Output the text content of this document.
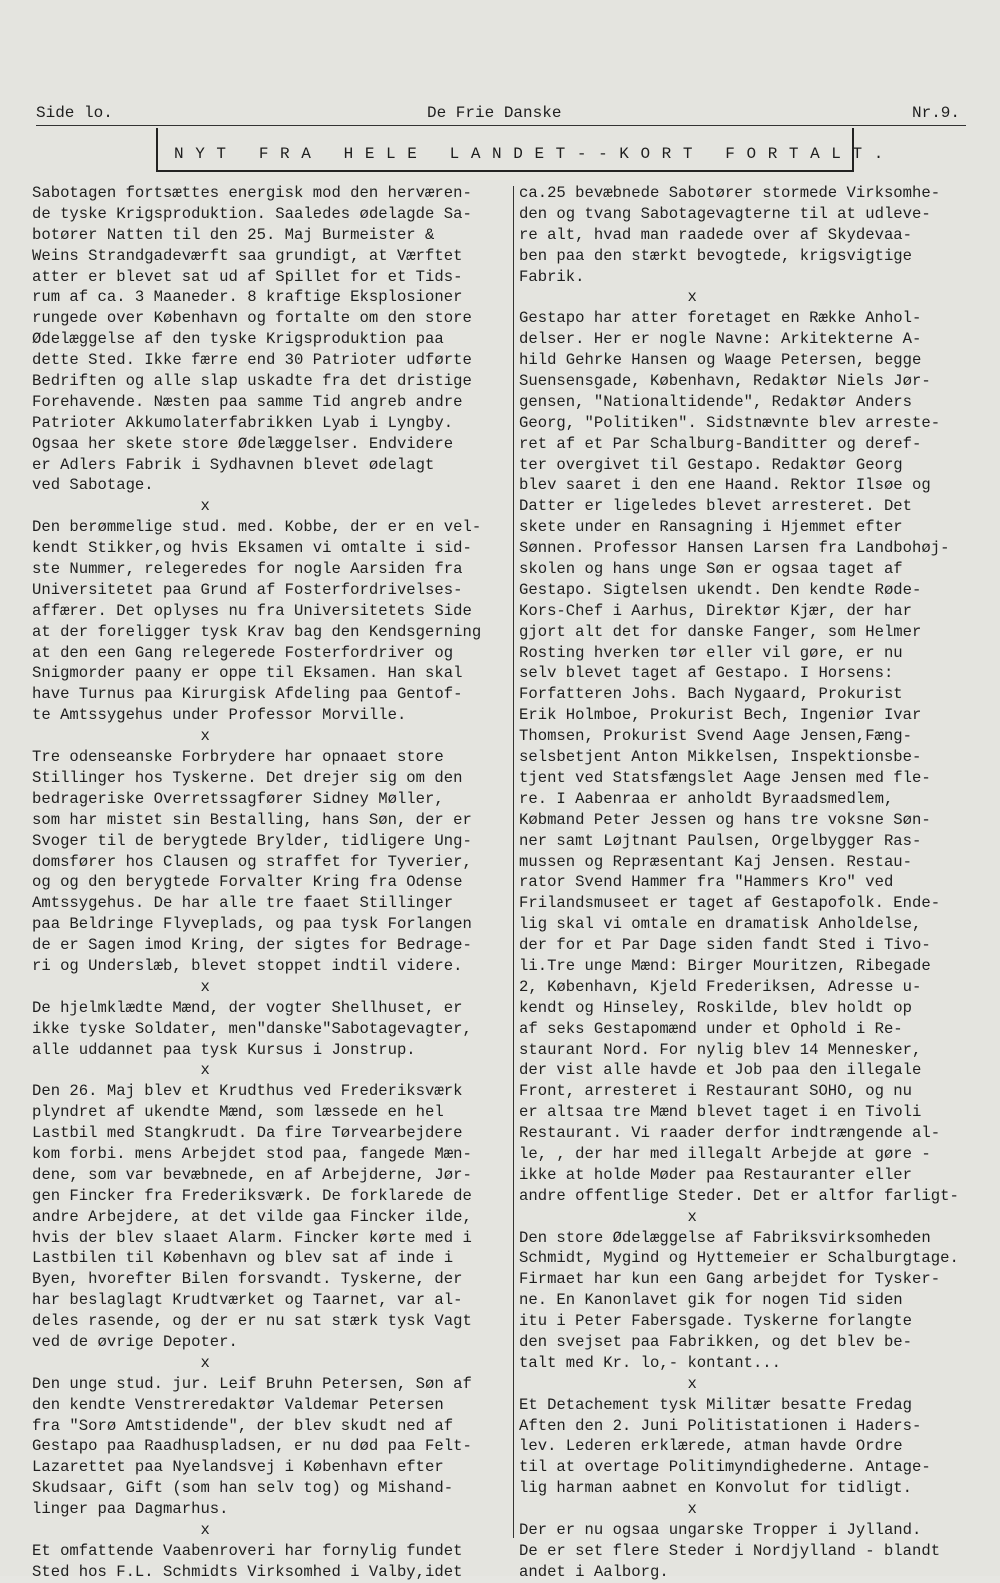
Side lo.	De Frie Danske	Nr.9.
N Y T   F R A   H E L E   L A N D E T - - K O R T   F O R T A L T .
Sabotagen fortsættes energisk mod den herværen-
de tyske Krigsproduktion. Saaledes ødelagde Sa-
botører Natten til den 25. Maj Burmeister &
Weins Strandgadeværft saa grundigt, at Værftet
atter er blevet sat ud af Spillet for et Tids-
rum af ca. 3 Maaneder. 8 kraftige Eksplosioner
rungede over København og fortalte om den store
Ødelæggelse af den tyske Krigsproduktion paa
dette Sted. Ikke færre end 30 Patrioter udførte
Bedriften og alle slap uskadte fra det dristige
Forehavende. Næsten paa samme Tid angreb andre
Patrioter Akkumolaterfabrikken Lyab i Lyngby.
Ogsaa her skete store Ødelæggelser. Endvidere
er Adlers Fabrik i Sydhavnen blevet ødelagt
ved Sabotage.
x
Den berømmelige stud. med. Kobbe, der er en vel-
kendt Stikker,og hvis Eksamen vi omtalte i sid-
ste Nummer, relegeredes for nogle Aarsiden fra
Universitetet paa Grund af Fosterfordrivelses-
affærer. Det oplyses nu fra Universitetets Side
at der foreligger tysk Krav bag den Kendsgerning
at den een Gang relegerede Fosterfordriver og
Snigmorder paany er oppe til Eksamen. Han skal
have Turnus paa Kirurgisk Afdeling paa Gentof-
te Amtssygehus under Professor Morville.
x
Tre odenseanske Forbrydere har opnaaet store
Stillinger hos Tyskerne. Det drejer sig om den
bedrageriske Overretssagfører Sidney Møller,
som har mistet sin Bestalling, hans Søn, der er
Svoger til de berygtede Brylder, tidligere Ung-
domsfører hos Clausen og straffet for Tyverier,
og og den berygtede Forvalter Kring fra Odense
Amtssygehus. De har alle tre faaet Stillinger
paa Beldringe Flyveplads, og paa tysk Forlangen
de er Sagen imod Kring, der sigtes for Bedrage-
ri og Underslæb, blevet stoppet indtil videre.
x
De hjelmklædte Mænd, der vogter Shellhuset, er
ikke tyske Soldater, men"danske"Sabotagevagter,
alle uddannet paa tysk Kursus i Jonstrup.
x
Den 26. Maj blev et Krudthus ved Frederiksværk
plyndret af ukendte Mænd, som læssede en hel
Lastbil med Stangkrudt. Da fire Tørvearbejdere
kom forbi. mens Arbejdet stod paa, fangede Mæn-
dene, som var bevæbnede, en af Arbejderne, Jør-
gen Fincker fra Frederiksværk. De forklarede de
andre Arbejdere, at det vilde gaa Fincker ilde,
hvis der blev slaaet Alarm. Fincker kørte med i
Lastbilen til København og blev sat af inde i
Byen, hvorefter Bilen forsvandt. Tyskerne, der
har beslaglagt Krudtværket og Taarnet, var al-
deles rasende, og der er nu sat stærk tysk Vagt
ved de øvrige Depoter.
x
Den unge stud. jur. Leif Bruhn Petersen, Søn af
den kendte Venstreredaktør Valdemar Petersen
fra "Sorø Amtstidende", der blev skudt ned af
Gestapo paa Raadhuspladsen, er nu død paa Felt-
Lazarettet paa Nyelandsvej i København efter
Skudsaar, Gift (som han selv tog) og Mishand-
linger paa Dagmarhus.
x
Et omfattende Vaabenroveri har fornylig fundet
Sted hos F.L. Schmidts Virksomhed i Valby,idet
ca.25 bevæbnede Sabotører stormede Virksomhe-
den og tvang Sabotagevagterne til at udleve-
re alt, hvad man raadede over af Skydevaa-
ben paa den stærkt bevogtede, krigsvigtige
Fabrik.
x
Gestapo har atter foretaget en Række Anhol-
delser. Her er nogle Navne: Arkitekterne A-
hild Gehrke Hansen og Waage Petersen, begge
Suensensgade, København, Redaktør Niels Jør-
gensen, "Nationaltidende", Redaktør Anders
Georg, "Politiken". Sidstnævnte blev arreste-
ret af et Par Schalburg-Banditter og deref-
ter overgivet til Gestapo. Redaktør Georg
blev saaret i den ene Haand. Rektor Ilsøe og
Datter er ligeledes blevet arresteret. Det
skete under en Ransagning i Hjemmet efter
Sønnen. Professor Hansen Larsen fra Landbohøj-
skolen og hans unge Søn er ogsaa taget af
Gestapo. Sigtelsen ukendt. Den kendte Røde-
Kors-Chef i Aarhus, Direktør Kjær, der har
gjort alt det for danske Fanger, som Helmer
Rosting hverken tør eller vil gøre, er nu
selv blevet taget af Gestapo. I Horsens:
Forfatteren Johs. Bach Nygaard, Prokurist
Erik Holmboe, Prokurist Bech, Ingeniør Ivar
Thomsen, Prokurist Svend Aage Jensen,Fæng-
selsbetjent Anton Mikkelsen, Inspektionsbe-
tjent ved Statsfængslet Aage Jensen med fle-
re. I Aabenraa er anholdt Byraadsmedlem,
Købmand Peter Jessen og hans tre voksne Søn-
ner samt Løjtnant Paulsen, Orgelbygger Ras-
mussen og Repræsentant Kaj Jensen. Restau-
rator Svend Hammer fra "Hammers Kro" ved
Frilandsmuseet er taget af Gestapofolk. Ende-
lig skal vi omtale en dramatisk Anholdelse,
der for et Par Dage siden fandt Sted i Tivo-
li.Tre unge Mænd: Birger Mouritzen, Ribegade
2, København, Kjeld Frederiksen, Adresse u-
kendt og Hinseley, Roskilde, blev holdt op
af seks Gestapomænd under et Ophold i Re-
staurant Nord. For nylig blev 14 Mennesker,
der vist alle havde et Job paa den illegale
Front, arresteret i Restaurant SOHO, og nu
er altsaa tre Mænd blevet taget i en Tivoli
Restaurant. Vi raader derfor indtrængende al-
le, , der har med illegalt Arbejde at gøre -
ikke at holde Møder paa Restauranter eller
andre offentlige Steder. Det er altfor farligt-
x
Den store Ødelæggelse af Fabriksvirksomheden
Schmidt, Mygind og Hyttemeier er Schalburgtage.
Firmaet har kun een Gang arbejdet for Tysker-
ne. En Kanonlavet gik for nogen Tid siden
itu i Peter Fabersgade. Tyskerne forlangte
den svejset paa Fabrikken, og det blev be-
talt med Kr. lo,- kontant...
x
Et Detachement tysk Militær besatte Fredag
Aften den 2. Juni Politistationen i Haders-
lev. Lederen erklærede, atman havde Ordre
til at overtage Politimyndighederne. Antage-
lig harman aabnet en Konvolut for tidligt.
x
Der er nu ogsaa ungarske Tropper i Jylland.
De er set flere Steder i Nordjylland - blandt
andet i Aalborg.
